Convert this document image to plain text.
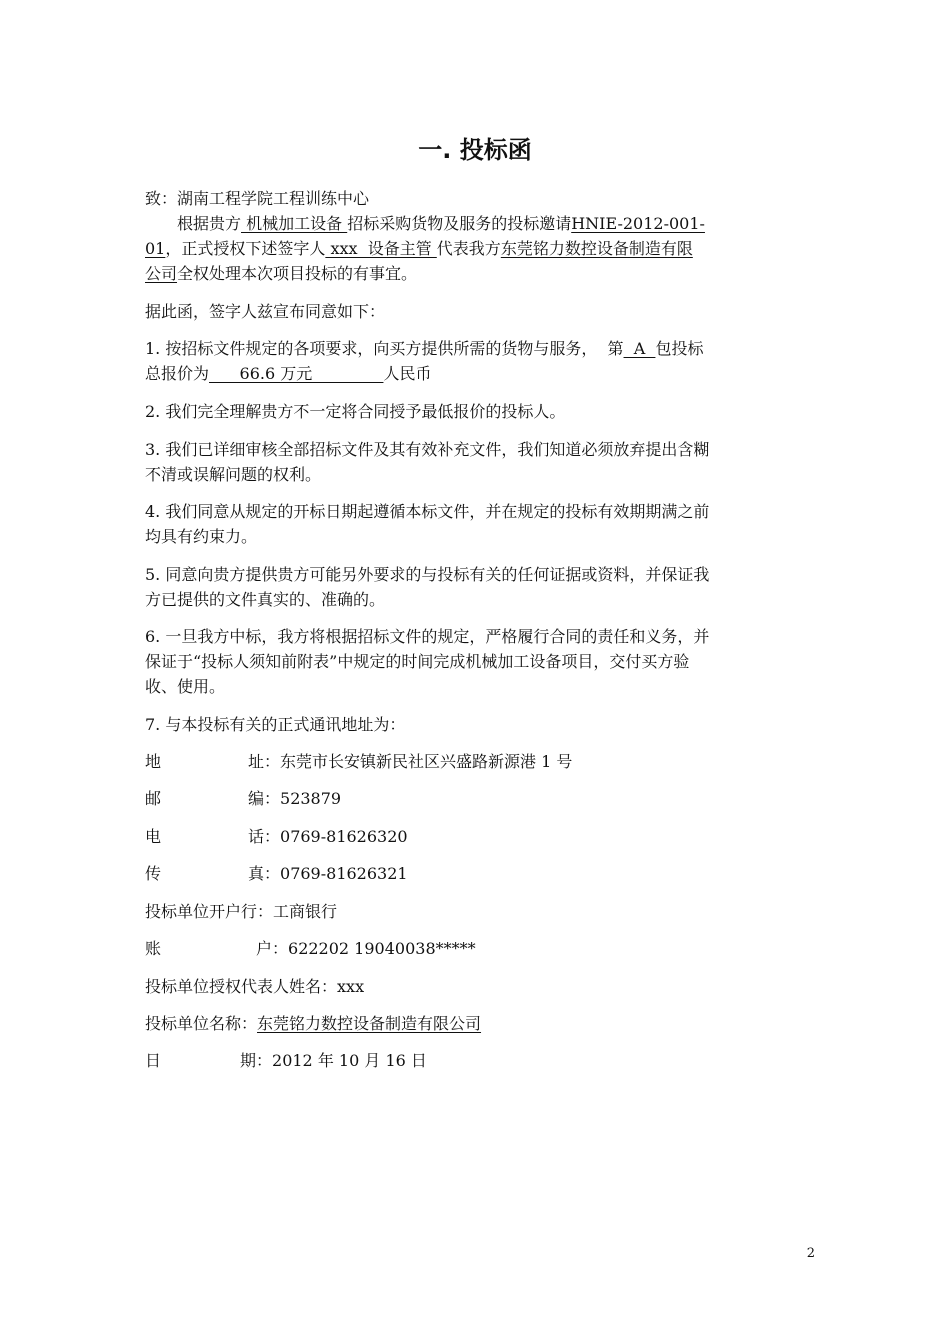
一. 投标函
致：湖南工程学院工程训练中心
根据贵方 机械加工设备 招标采购货物及服务的投标邀请HNIE-2012-001-
01，正式授权下述签字人 xxx  设备主管 代表我方东莞铭力数控设备制造有限
公司全权处理本次项目投标的有事宜。
据此函，签字人兹宣布同意如下：
1. 按招标文件规定的各项要求，向买方提供所需的货物与服务，  第  A  包投标
总报价为      66.6 万元              人民币
2. 我们完全理解贵方不一定将合同授予最低报价的投标人。
3. 我们已详细审核全部招标文件及其有效补充文件，我们知道必须放弃提出含糊
不清或误解问题的权利。
4. 我们同意从规定的开标日期起遵循本标文件，并在规定的投标有效期期满之前
均具有约束力。
5. 同意向贵方提供贵方可能另外要求的与投标有关的任何证据或资料，并保证我
方已提供的文件真实的、准确的。
6. 一旦我方中标，我方将根据招标文件的规定，严格履行合同的责任和义务，并
保证于“投标人须知前附表”中规定的时间完成机械加工设备项目，交付买方验
收、使用。
7. 与本投标有关的正式通讯地址为：
地	址：东莞市长安镇新民社区兴盛路新源港 1 号
邮	编：523879
电	话：0769-81626320
传	真：0769-81626321
投标单位开户行：工商银行
账	户：622202 19040038*****
投标单位授权代表人姓名：xxx
投标单位名称：东莞铭力数控设备制造有限公司
日	期：2012 年 10 月 16 日
2
